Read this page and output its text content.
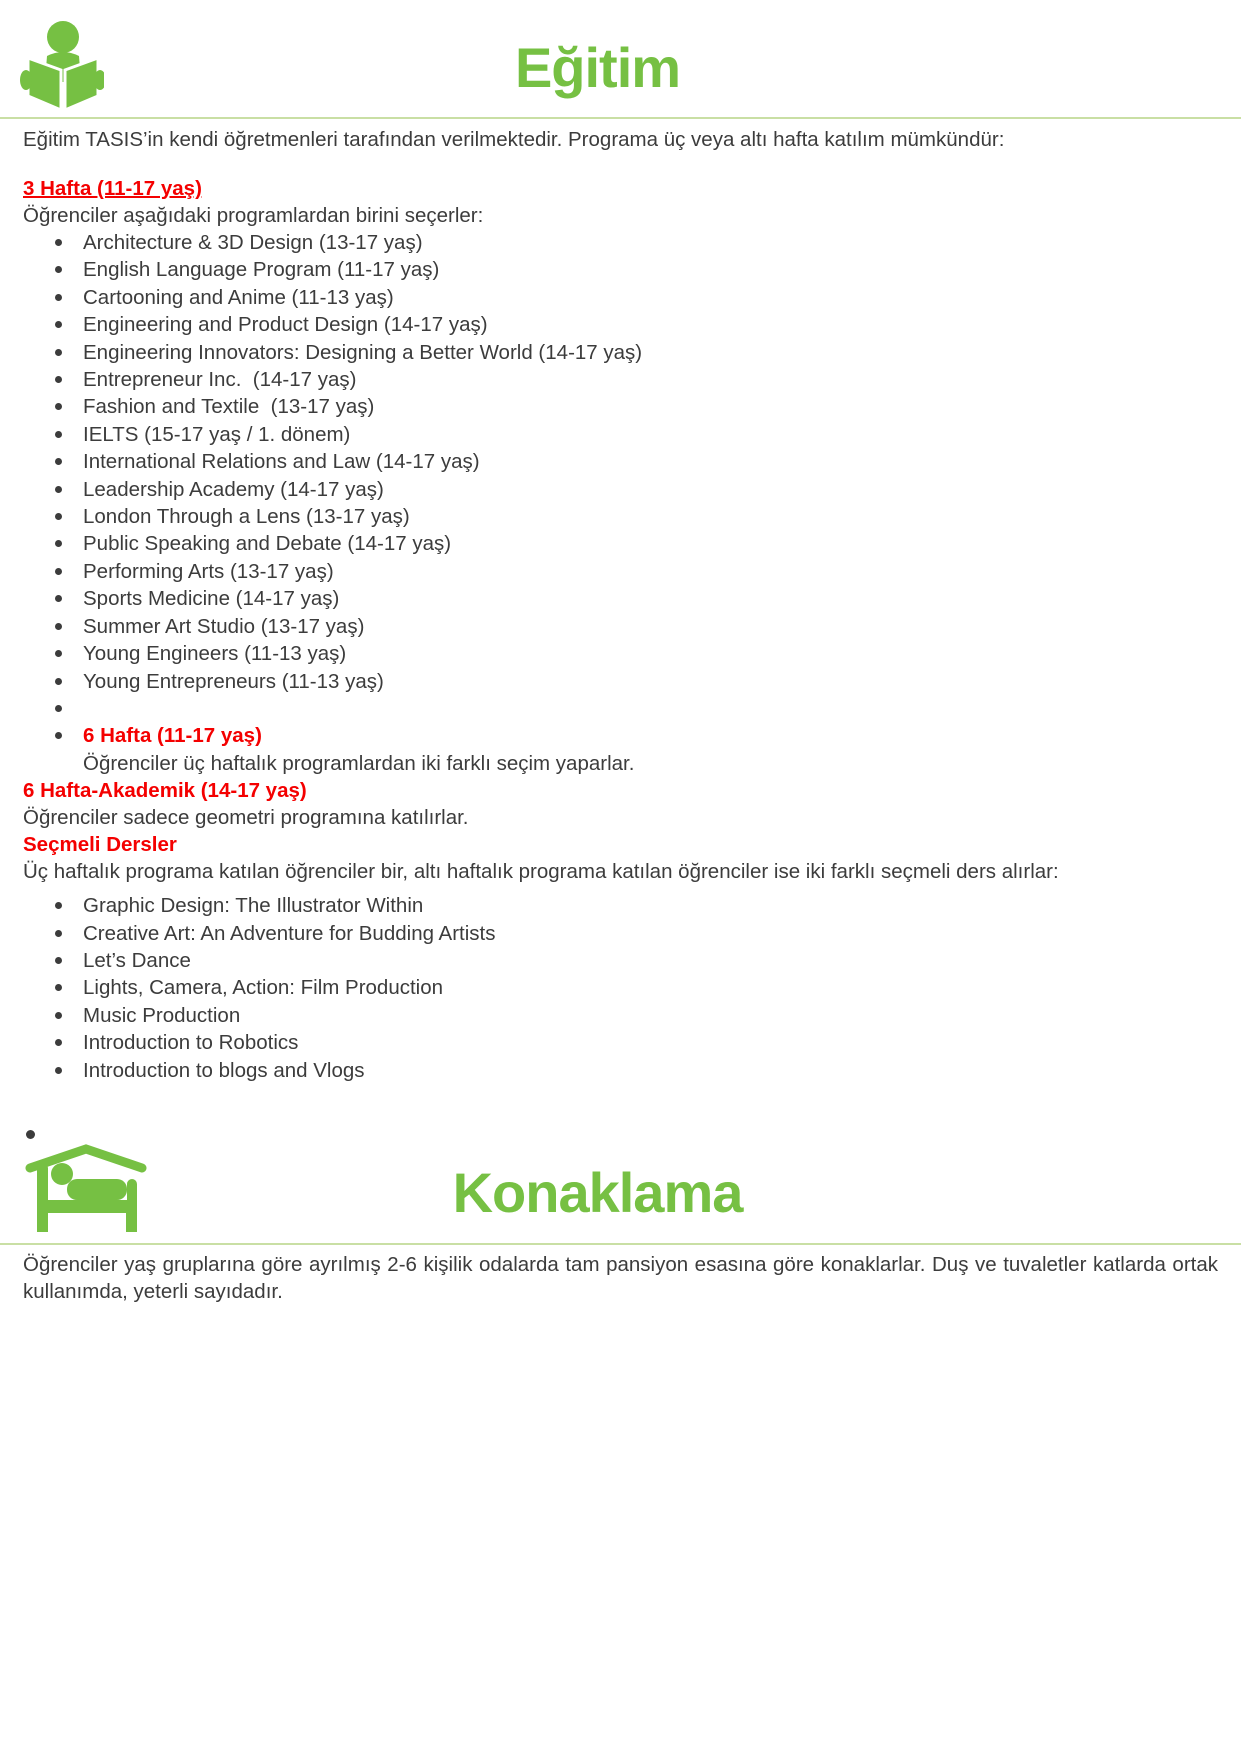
Eğitim

Eğitim TASIS’in kendi öğretmenleri tarafından verilmektedir. Programa üç veya altı hafta katılım mümkündür:

3 Hafta (11-17 yaş)

Öğrenciler aşağıdaki programlardan birini seçerler:

Architecture & 3D Design (13-17 yaş)
English Language Program (11-17 yaş)
Cartooning and Anime (11-13 yaş)
Engineering and Product Design (14-17 yaş)
Engineering Innovators: Designing a Better World (14-17 yaş)
Entrepreneur Inc.  (14-17 yaş)
Fashion and Textile  (13-17 yaş)
IELTS (15-17 yaş / 1. dönem)
International Relations and Law (14-17 yaş)
Leadership Academy (14-17 yaş)
London Through a Lens (13-17 yaş)
Public Speaking and Debate (14-17 yaş)
Performing Arts (13-17 yaş)
Sports Medicine (14-17 yaş)
Summer Art Studio (13-17 yaş)
Young Engineers (11-13 yaş)
Young Entrepreneurs (11-13 yaş)
6 Hafta (11-17 yaş)
Öğrenciler üç haftalık programlardan iki farklı seçim yaparlar.

6 Hafta-Akademik (14-17 yaş)

Öğrenciler sadece geometri programına katılırlar.

Seçmeli Dersler

Üç haftalık programa katılan öğrenciler bir, altı haftalık programa katılan öğrenciler ise iki farklı seçmeli ders alırlar:

Graphic Design: The Illustrator Within
Creative Art: An Adventure for Budding Artists
Let’s Dance
Lights, Camera, Action: Film Production
Music Production
Introduction to Robotics
Introduction to blogs and Vlogs
Konaklama

Öğrenciler yaş gruplarına göre ayrılmış 2-6 kişilik odalarda tam pansiyon esasına göre konaklarlar. Duş ve tuvaletler katlarda ortak kullanımda, yeterli sayıdadır.
